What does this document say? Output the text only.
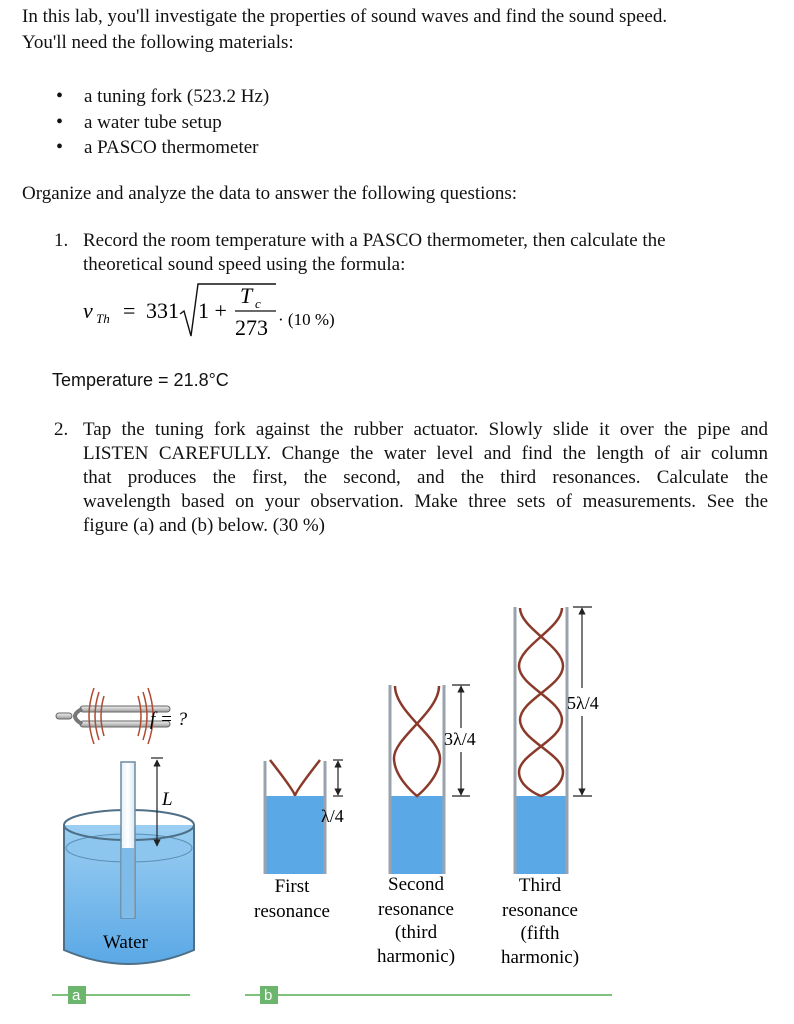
In this lab, you'll investigate the properties of sound waves and find the sound speed.

You'll need the following materials:

• a tuning fork (523.2 Hz)
• a water tube setup
• a PASCO thermometer

Organize and analyze the data to answer the following questions:

1. Record the room temperature with a PASCO thermometer, then calculate the

theoretical sound speed using the formula:

v Th = 331 1 +
T c
273 · (10 %)

Temperature = 21.8°C

2. Tap the tuning fork against the rubber actuator. Slowly slide it over the pipe and

LISTEN CAREFULLY. Change the water level and find the length of air column

that produces the first, the second, and the third resonances. Calculate the

wavelength based on your observation. Make three sets of measurements. See the

figure (a) and (b) below. (30 %)

f = ?
L
Water
a
λ/4
3λ/4
5λ/4
First
resonance
Second
resonance
(third
harmonic)
Third
resonance
(fifth
harmonic)
b
